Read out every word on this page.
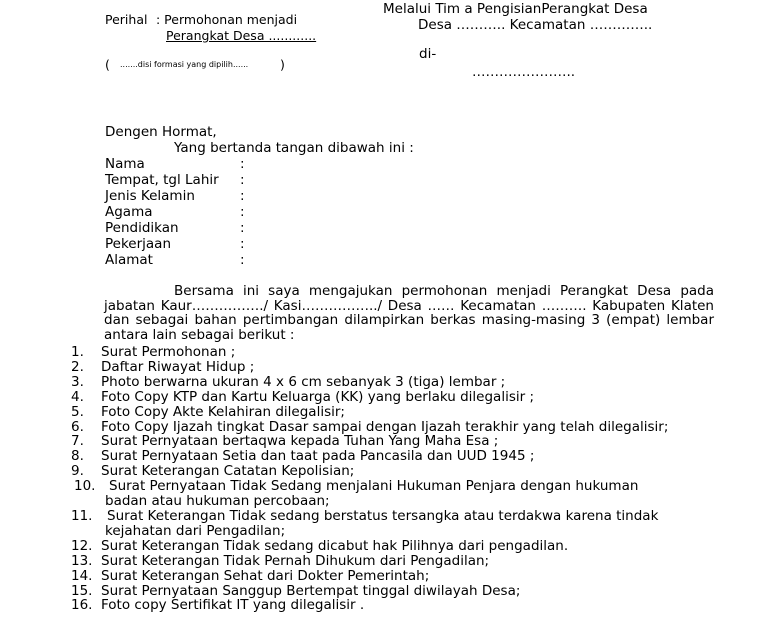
Perihal : Permohonan menjadi
Perangkat Desa ............
( .......disi formasi yang dipilih......	)
Melalui Tim a PengisianPerangkat Desa
Desa ……….. Kecamatan …………..
di-
…………………..
Dengen Hormat,
Yang bertanda tangan dibawah ini :
Nama	:
Tempat, tgl Lahir :
Jenis Kelamin	:
Agama	:
Pendidikan	:
Pekerjaan	:
Alamat	:
Bersama ini saya mengajukan permohonan menjadi Perangkat Desa pada jabatan Kaur……………./ Kasi……………../ Desa …… Kecamatan ………. Kabupaten Klaten dan sebagai bahan pertimbangan dilampirkan berkas masing-masing 3 (empat) lembar antara lain sebagai berikut :
1. Surat Permohonan ;
2. Daftar Riwayat Hidup ;
3. Photo berwarna ukuran 4 x 6 cm sebanyak 3 (tiga) lembar ;
4. Foto Copy KTP dan Kartu Keluarga (KK) yang berlaku dilegalisir ;
5. Foto Copy Akte Kelahiran dilegalisir;
6. Foto Copy Ijazah tingkat Dasar sampai dengan Ijazah terakhir yang telah dilegalisir;
7. Surat Pernyataan bertaqwa kepada Tuhan Yang Maha Esa ;
8. Surat Pernyataan Setia dan taat pada Pancasila dan UUD 1945 ;
9. Surat Keterangan Catatan Kepolisian;
10. Surat Pernyataan Tidak Sedang menjalani Hukuman Penjara dengan hukuman
badan atau hukuman percobaan;
11. Surat Keterangan Tidak sedang berstatus tersangka atau terdakwa karena tindak
kejahatan dari Pengadilan;
12. Surat Keterangan Tidak sedang dicabut hak Pilihnya dari pengadilan.
13. Surat Keterangan Tidak Pernah Dihukum dari Pengadilan;
14. Surat Keterangan Sehat dari Dokter Pemerintah;
15. Surat Pernyataan Sanggup Bertempat tinggal diwilayah Desa;
16. Foto copy Sertifikat IT yang dilegalisir .
